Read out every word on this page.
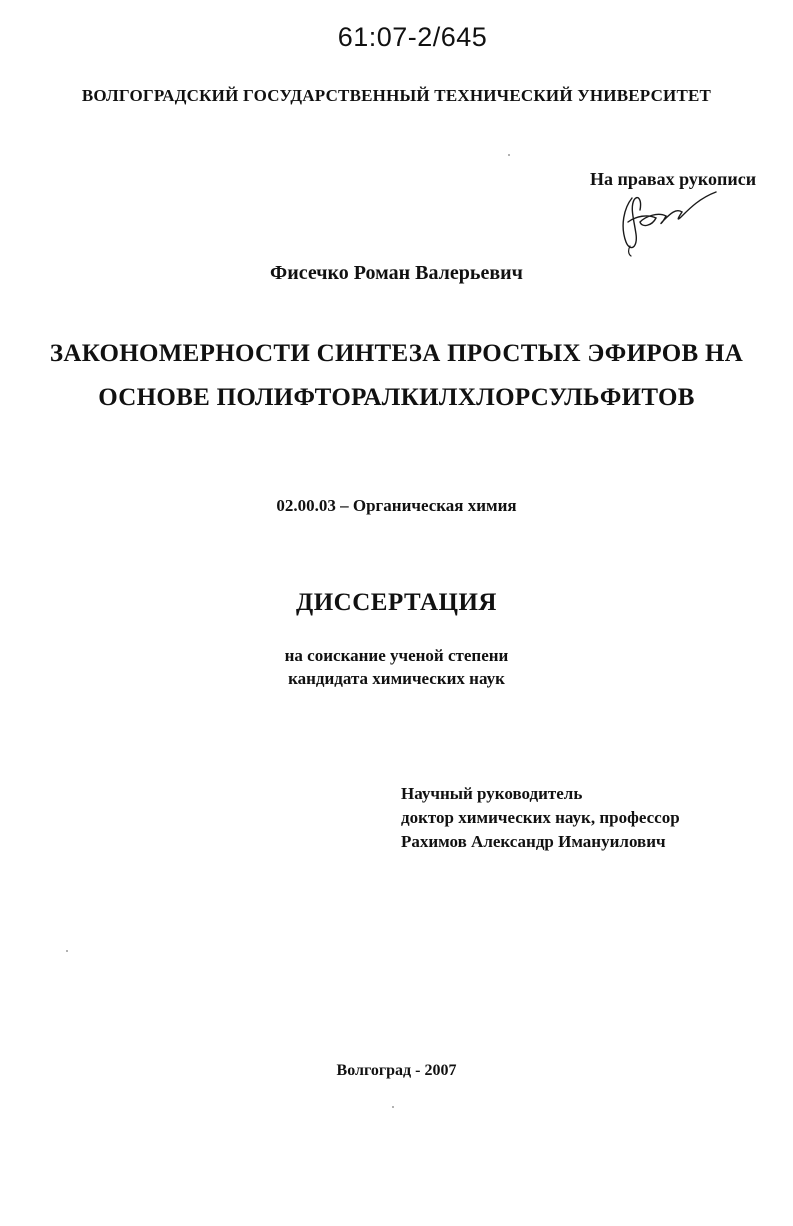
61:07-2/645
ВОЛГОГРАДСКИЙ ГОСУДАРСТВЕННЫЙ ТЕХНИЧЕСКИЙ УНИВЕРСИТЕТ
На правах рукописи
Фисечко Роман Валерьевич
ЗАКОНОМЕРНОСТИ СИНТЕЗА ПРОСТЫХ ЭФИРОВ НА
ОСНОВЕ ПОЛИФТОРАЛКИЛХЛОРСУЛЬФИТОВ
02.00.03 – Органическая химия
ДИССЕРТАЦИЯ
на соискание ученой степени
кандидата химических наук
Научный руководитель
доктор химических наук, профессор
Рахимов Александр Имануилович
Волгоград - 2007
